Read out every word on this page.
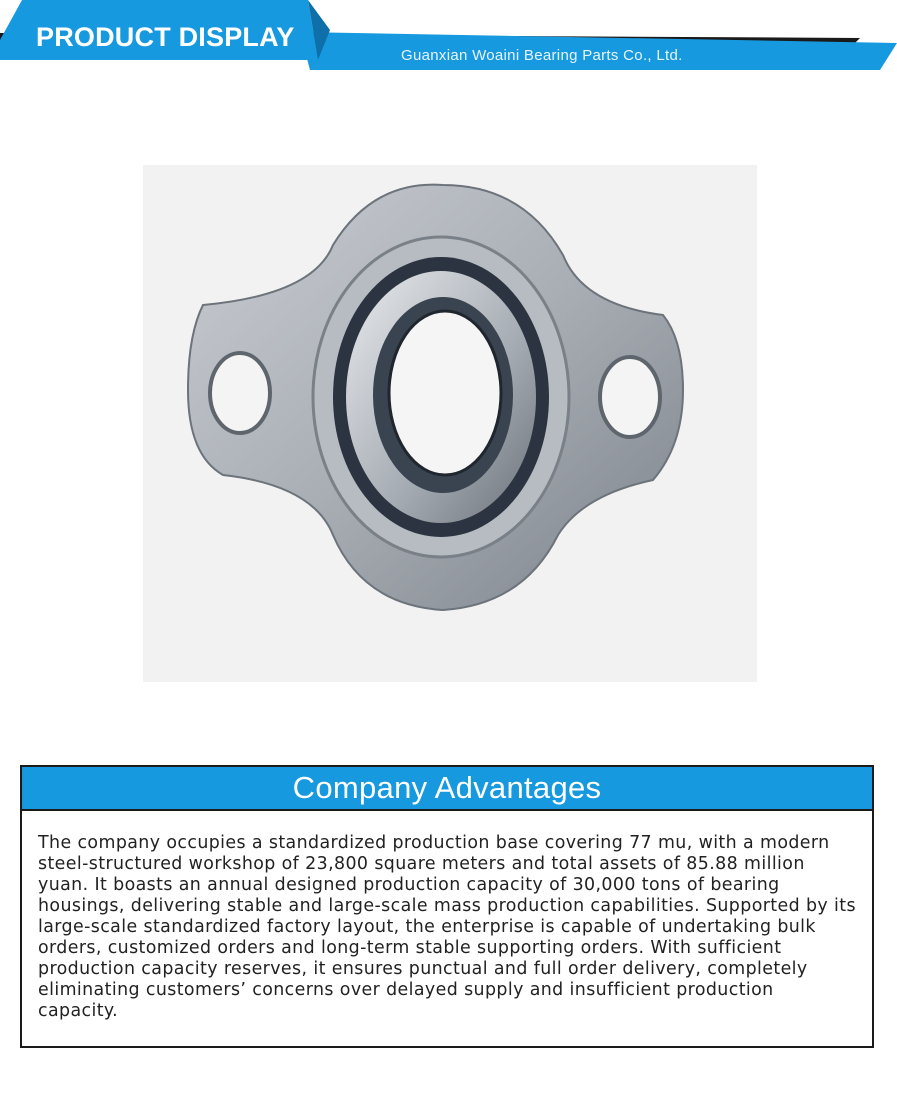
PRODUCT DISPLAY
Guanxian Woaini Bearing Parts Co., Ltd.
Company Advantages
The company occupies a standardized production base covering 77 mu, with a modern steel-structured workshop of 23,800 square meters and total assets of 85.88 million yuan. It boasts an annual designed production capacity of 30,000 tons of bearing housings, delivering stable and large-scale mass production capabilities. Supported by its large-scale standardized factory layout, the enterprise is capable of undertaking bulk orders, customized orders and long-term stable supporting orders. With sufficient production capacity reserves, it ensures punctual and full order delivery, completely eliminating customers’ concerns over delayed supply and insufficient production capacity.
